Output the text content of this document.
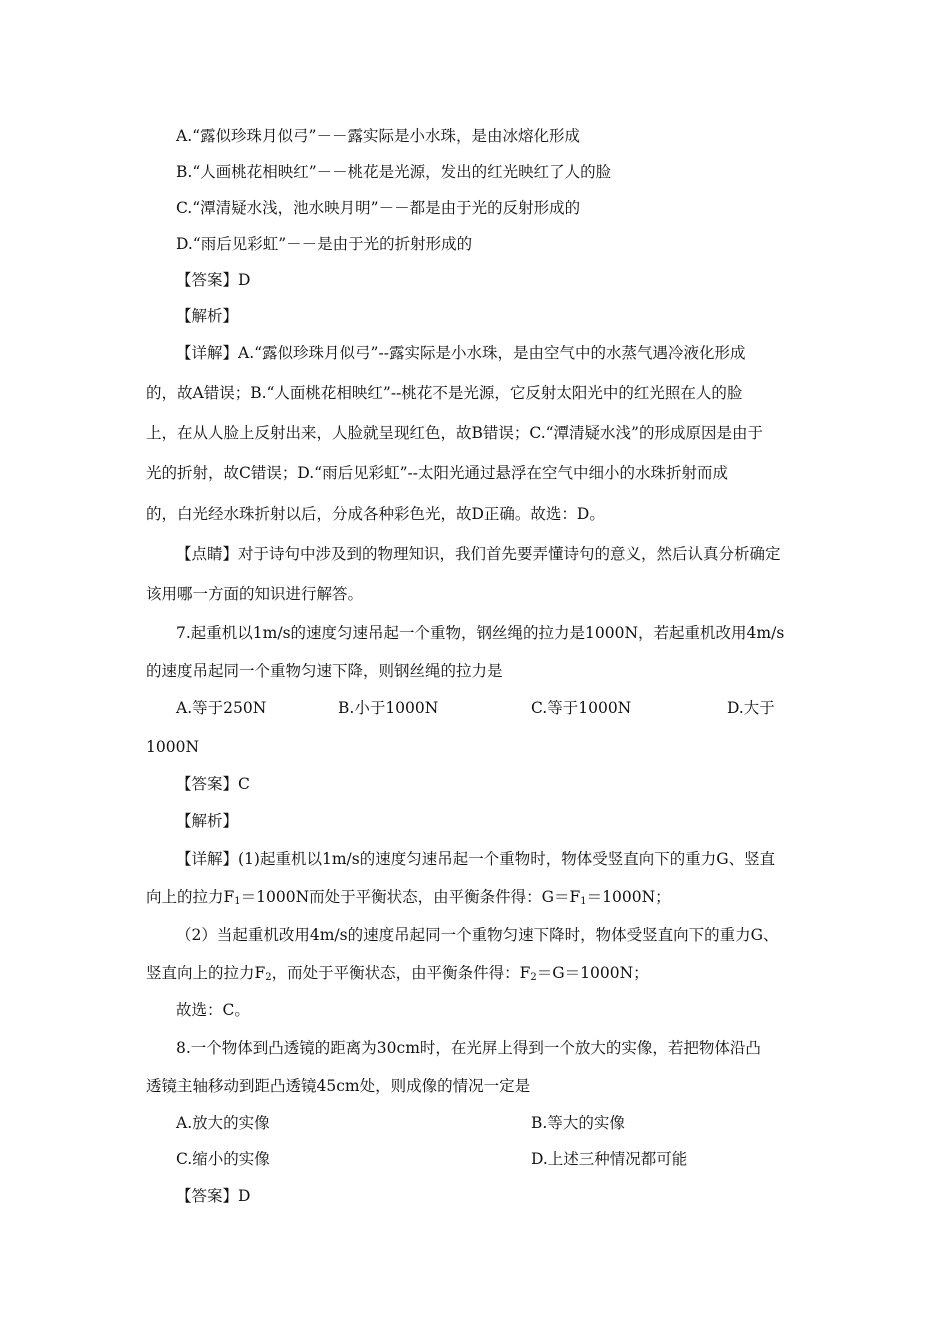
A.“露似珍珠月似弓”－－露实际是小水珠，是由冰熔化形成
B.“人画桃花相映红”－－桃花是光源，发出的红光映红了人的脸
C.“潭清疑水浅，池水映月明”－－都是由于光的反射形成的
D.“雨后见彩虹”－－是由于光的折射形成的
【答案】D
【解析】
【详解】A.“露似珍珠月似弓”--露实际是小水珠，是由空气中的水蒸气遇冷液化形成
的，故A错误；B.“人面桃花相映红”--桃花不是光源，它反射太阳光中的红光照在人的脸
上，在从人脸上反射出来，人脸就呈现红色，故B错误；C.“潭清疑水浅”的形成原因是由于
光的折射，故C错误；D.“雨后见彩虹”--太阳光通过悬浮在空气中细小的水珠折射而成
的，白光经水珠折射以后，分成各种彩色光，故D正确。故选：D。
【点睛】对于诗句中涉及到的物理知识，我们首先要弄懂诗句的意义，然后认真分析确定
该用哪一方面的知识进行解答。
7.起重机以1m/s的速度匀速吊起一个重物，钢丝绳的拉力是1000N，若起重机改用4m/s
的速度吊起同一个重物匀速下降，则钢丝绳的拉力是
A.等于250N	B.小于1000N	C.等于1000N	D.大于
1000N
【答案】C
【解析】
【详解】(1)起重机以1m/s的速度匀速吊起一个重物时，物体受竖直向下的重力G、竖直
向上的拉力$F_1=1000N$而处于平衡状态，由平衡条件得：$G=F_1=1000N$；
（2）当起重机改用4m/s的速度吊起同一个重物匀速下降时，物体受竖直向下的重力G、
竖直向上的拉力$F_2$，而处于平衡状态，由平衡条件得：$F_2=G=1000N$；
故选：C。
8.一个物体到凸透镜的距离为30cm时，在光屏上得到一个放大的实像，若把物体沿凸
透镜主轴移动到距凸透镜45cm处，则成像的情况一定是
A.放大的实像	B.等大的实像
C.缩小的实像	D.上述三种情况都可能
【答案】D
